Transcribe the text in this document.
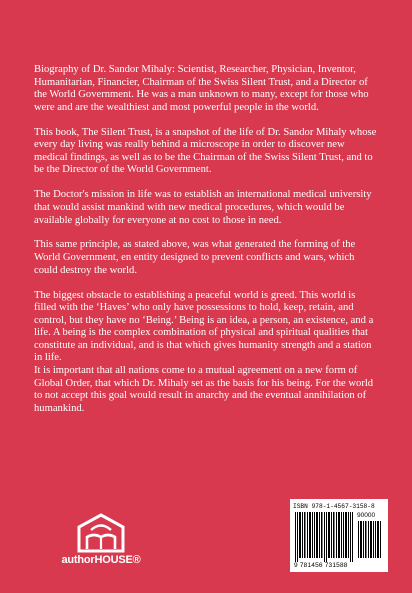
Biography of Dr. Sandor Mihaly: Scientist, Researcher, Physician, Inventor, Humanitarian, Financier, Chairman of the Swiss Silent Trust, and a Director of the World Government. He was a man unknown to many, except for those who were and are the wealthiest and most powerful people in the world.

This book, The Silent Trust, is a snapshot of the life of Dr. Sandor Mihaly whose every day living was really behind a microscope in order to discover new medical findings, as well as to be the Chairman of the Swiss Silent Trust, and to be the Director of the World Government.

The Doctor's mission in life was to establish an international medical university that would assist mankind with new medical procedures, which would be available globally for everyone at no cost to those in need.

This same principle, as stated above, was what generated the forming of the World Government, en entity designed to prevent conflicts and wars, which could destroy the world.

The biggest obstacle to establishing a peaceful world is greed. This world is filled with the ‘Haves’ who only have possessions to hold, keep, retain, and control, but they have no ‘Being.’ Being is an idea, a person, an existence, and a life. A being is the complex combination of physical and spiritual qualities that constitute an individual, and is that which gives humanity strength and a station in life.

It is important that all nations come to a mutual agreement on a new form of Global Order, that which Dr. Mihaly set as the basis for his being. For the world to not accept this goal would result in anarchy and the eventual annihilation of humankind.

authorHOUSE®
ISBN 978-1-4567-3158-8
90000
9 781456 731588
